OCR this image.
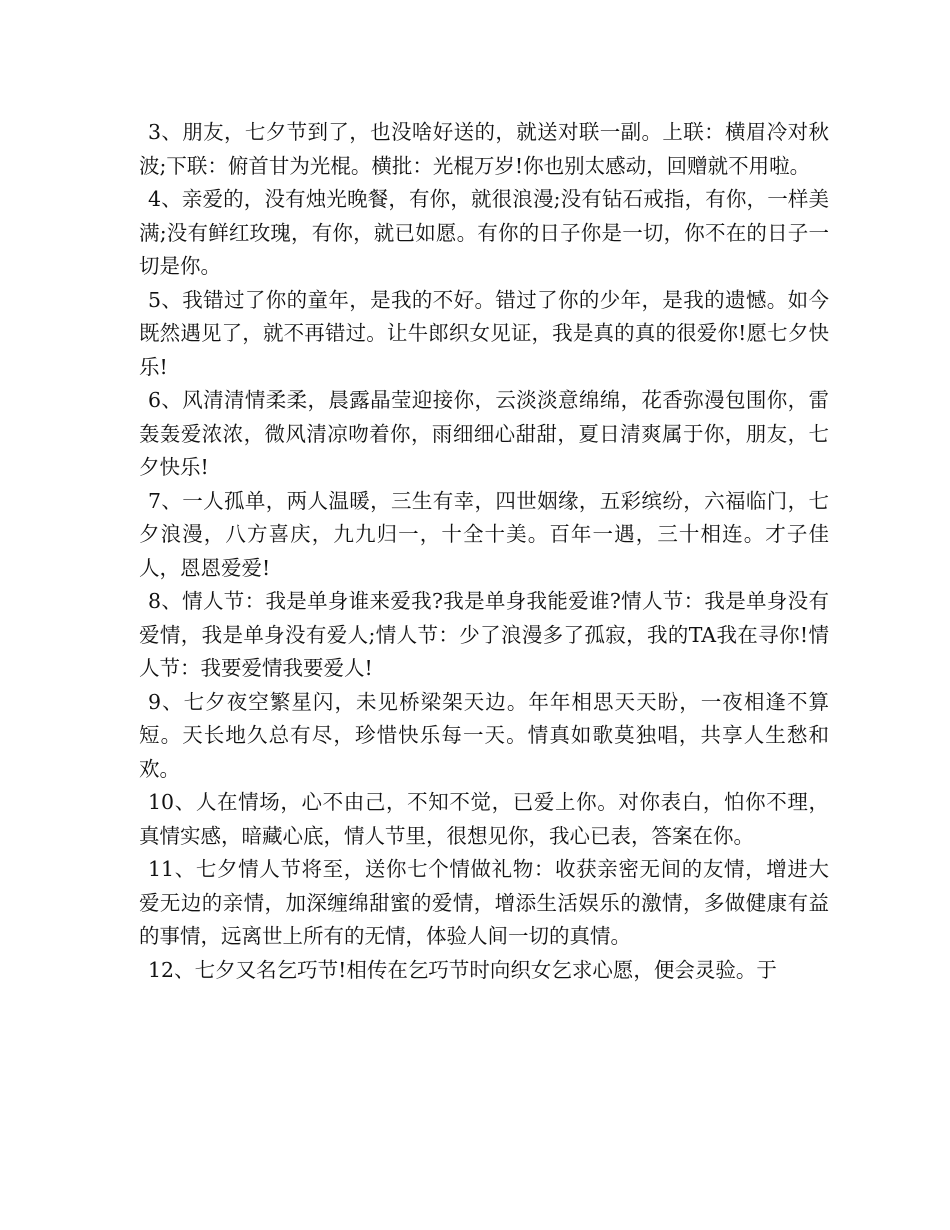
3、朋友，七夕节到了，也没啥好送的，就送对联一副。上联：横眉冷对秋波;下联：俯首甘为光棍。横批：光棍万岁!你也别太感动，回赠就不用啦。

4、亲爱的，没有烛光晚餐，有你，就很浪漫;没有钻石戒指，有你，一样美满;没有鲜红玫瑰，有你，就已如愿。有你的日子你是一切，你不在的日子一切是你。

5、我错过了你的童年，是我的不好。错过了你的少年，是我的遗憾。如今既然遇见了，就不再错过。让牛郎织女见证，我是真的真的很爱你!愿七夕快乐!

6、风清清情柔柔，晨露晶莹迎接你，云淡淡意绵绵，花香弥漫包围你，雷轰轰爱浓浓，微风清凉吻着你，雨细细心甜甜，夏日清爽属于你，朋友，七夕快乐!

7、一人孤单，两人温暖，三生有幸，四世姻缘，五彩缤纷，六福临门，七夕浪漫，八方喜庆，九九归一，十全十美。百年一遇，三十相连。才子佳人，恩恩爱爱!

8、情人节：我是单身谁来爱我?我是单身我能爱谁?情人节：我是单身没有爱情，我是单身没有爱人;情人节：少了浪漫多了孤寂，我的TA我在寻你!情人节：我要爱情我要爱人!

9、七夕夜空繁星闪，未见桥梁架天边。年年相思天天盼，一夜相逢不算短。天长地久总有尽，珍惜快乐每一天。情真如歌莫独唱，共享人生愁和欢。

10、人在情场，心不由己，不知不觉，已爱上你。对你表白，怕你不理，真情实感，暗藏心底，情人节里，很想见你，我心已表，答案在你。

11、七夕情人节将至，送你七个情做礼物：收获亲密无间的友情，增进大爱无边的亲情，加深缠绵甜蜜的爱情，增添生活娱乐的激情，多做健康有益的事情，远离世上所有的无情，体验人间一切的真情。

12、七夕又名乞巧节!相传在乞巧节时向织女乞求心愿，便会灵验。于
